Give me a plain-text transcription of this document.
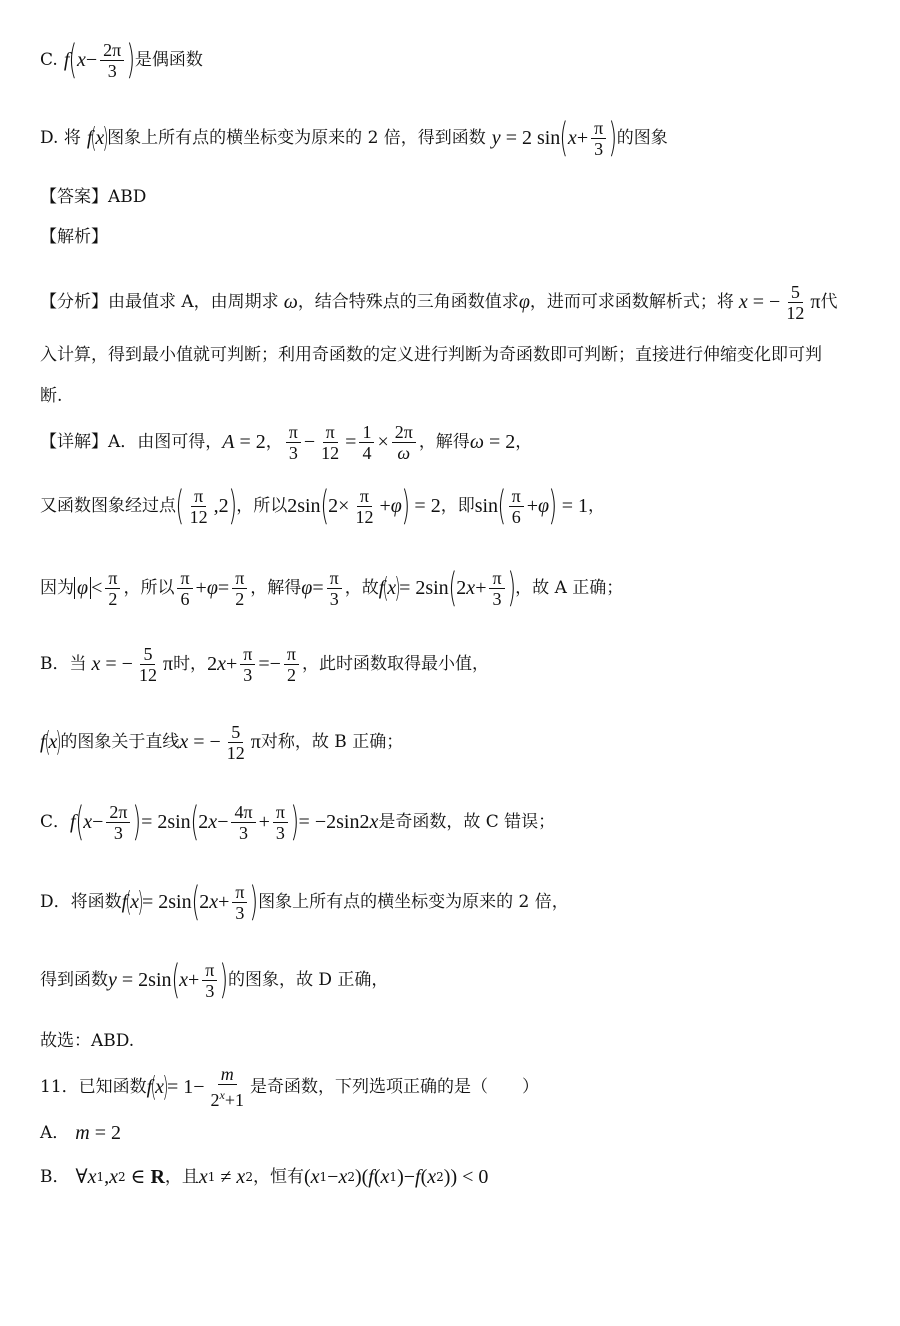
C. f ( $x - \frac{2\pi}{3}$ ) 是偶函数
D. 将 f
(
x
)
图象上所有点的横坐标变为原来的 2 倍，得到函数 y = 2 sin ( $x + \frac{\pi}{3}$ ) 的图象
【答案】ABD
【解析】
【分析】由最值求 A，由周期求 ω ，结合特殊点的三角函数值求 φ ，进而可求函数解析式；将 x = − $\frac{5}{12}$ π 代
入计算，得到最小值就可判断；利用奇函数的定义进行判断为奇函数即可判断；直接进行伸缩变化即可判
断.
【详解】A．由图可得， A = 2 ， $\frac{\pi}{3} - \frac{\pi}{12} = \frac{1}{4} \times \frac{2\pi}{\omega}$ ，解得 ω = 2 ，
又函数图象经过点 ( $\frac{\pi}{12} ,2$ ) ，所以 2sin ( $2\times \frac{\pi}{12} + \varphi$ ) = 2 ，即 sin ( $\frac{\pi}{6} + \varphi$ ) = 1 ，
因为 $\varphi < \frac{\pi}{2}$ ，所以 $\frac{\pi}{6} + \varphi = \frac{\pi}{2}$ ，解得 $\varphi = \frac{\pi}{3}$ ，故 f
(
x
)
= 2sin ( 2 $x + \frac{\pi}{3}$ ) ，故 A 正确；
B．当 x = − $\frac{5}{12}$ π 时， 2 $x + \frac{\pi}{3} =- \frac{\pi}{2}$ ，此时函数取得最小值，
f
(
x
)
的图象关于直线 x = − $\frac{5}{12}$ π 对称，故 B 正确；
C． f ( $x - \frac{2\pi}{3}$ ) = 2sin ( 2 $x - \frac{4\pi}{3} + \frac{\pi}{3}$ ) = −2sin2 x 是奇函数，故 C 错误；
D．将函数 f
(
x
)
= 2sin ( 2 $x + \frac{\pi}{3}$ ) 图象上所有点的横坐标变为原来的 2 倍，
得到函数 y = 2sin ( $x + \frac{\pi}{3}$ ) 的图象，故 D 正确，
故选：ABD.
11．已知函数 f
(
x
)
= $1- \frac{m}{2^x+1}$ 是奇函数，下列选项正确的是（　　）
A． m = 2
B． ∀ x 1 , x 2 ∈ R ，且 x 1 ≠ x 2 ，恒有 ( x 1 − x 2 )( f ( x 1 )− f ( x 2 )) < 0
